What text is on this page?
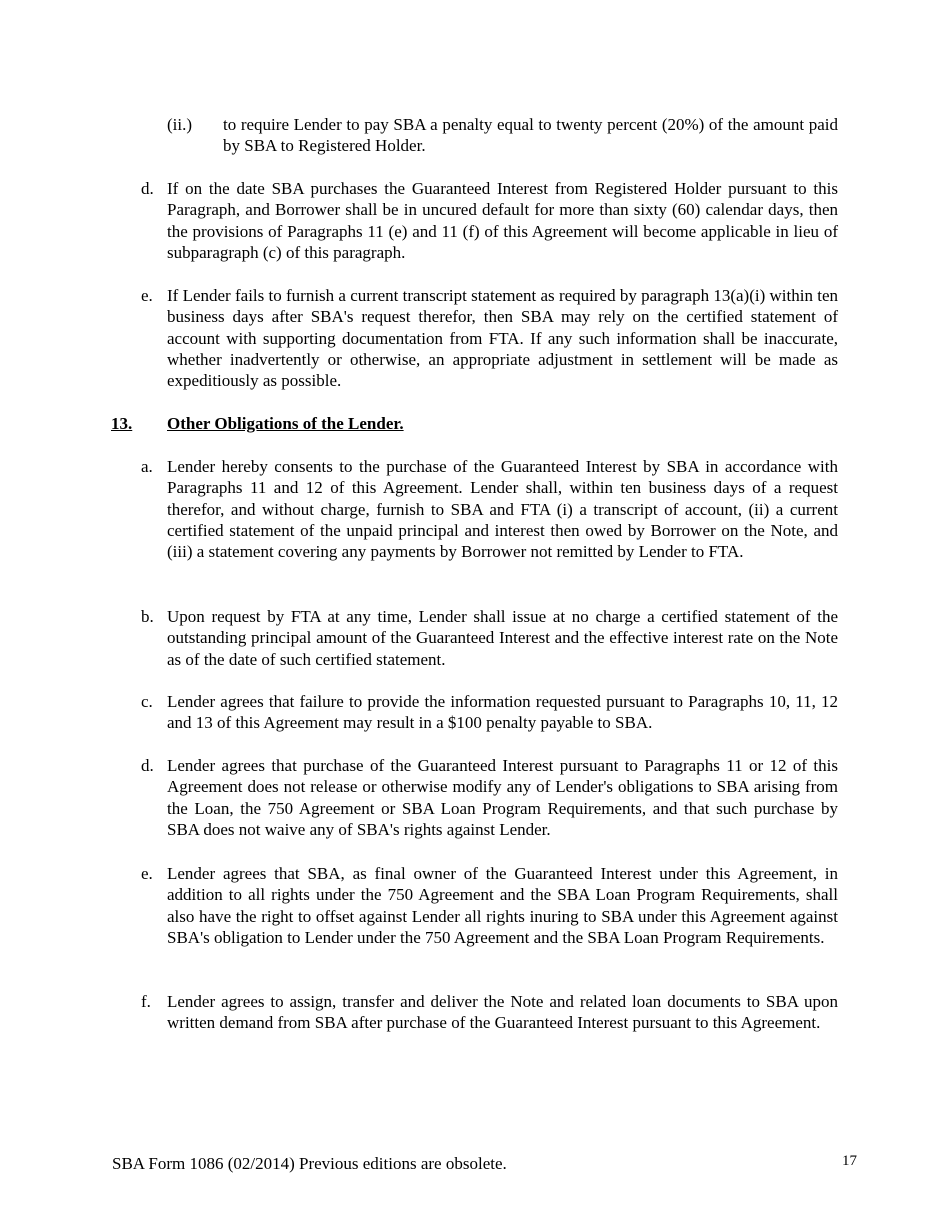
(ii.) to require Lender to pay SBA a penalty equal to twenty percent (20%) of the amount paid by SBA to Registered Holder.
d. If on the date SBA purchases the Guaranteed Interest from Registered Holder pursuant to this Paragraph, and Borrower shall be in uncured default for more than sixty (60) calendar days, then the provisions of Paragraphs 11 (e) and 11 (f) of this Agreement will become applicable in lieu of subparagraph (c) of this paragraph.
e. If Lender fails to furnish a current transcript statement as required by paragraph 13(a)(i) within ten business days after SBA's request therefor, then SBA may rely on the certified statement of account with supporting documentation from FTA. If any such information shall be inaccurate, whether inadvertently or otherwise, an appropriate adjustment in settlement will be made as expeditiously as possible.
13. Other Obligations of the Lender.
a. Lender hereby consents to the purchase of the Guaranteed Interest by SBA in accordance with Paragraphs 11 and 12 of this Agreement. Lender shall, within ten business days of a request therefor, and without charge, furnish to SBA and FTA (i) a transcript of account, (ii) a current certified statement of the unpaid principal and interest then owed by Borrower on the Note, and (iii) a statement covering any payments by Borrower not remitted by Lender to FTA.
b. Upon request by FTA at any time, Lender shall issue at no charge a certified statement of the outstanding principal amount of the Guaranteed Interest and the effective interest rate on the Note as of the date of such certified statement.
c. Lender agrees that failure to provide the information requested pursuant to Paragraphs 10, 11, 12 and 13 of this Agreement may result in a $100 penalty payable to SBA.
d. Lender agrees that purchase of the Guaranteed Interest pursuant to Paragraphs 11 or 12 of this Agreement does not release or otherwise modify any of Lender's obligations to SBA arising from the Loan, the 750 Agreement or SBA Loan Program Requirements, and that such purchase by SBA does not waive any of SBA's rights against Lender.
e. Lender agrees that SBA, as final owner of the Guaranteed Interest under this Agreement, in addition to all rights under the 750 Agreement and the SBA Loan Program Requirements, shall also have the right to offset against Lender all rights inuring to SBA under this Agreement against SBA's obligation to Lender under the 750 Agreement and the SBA Loan Program Requirements.
f. Lender agrees to assign, transfer and deliver the Note and related loan documents to SBA upon written demand from SBA after purchase of the Guaranteed Interest pursuant to this Agreement.
SBA Form 1086 (02/2014) Previous editions are obsolete.	17
